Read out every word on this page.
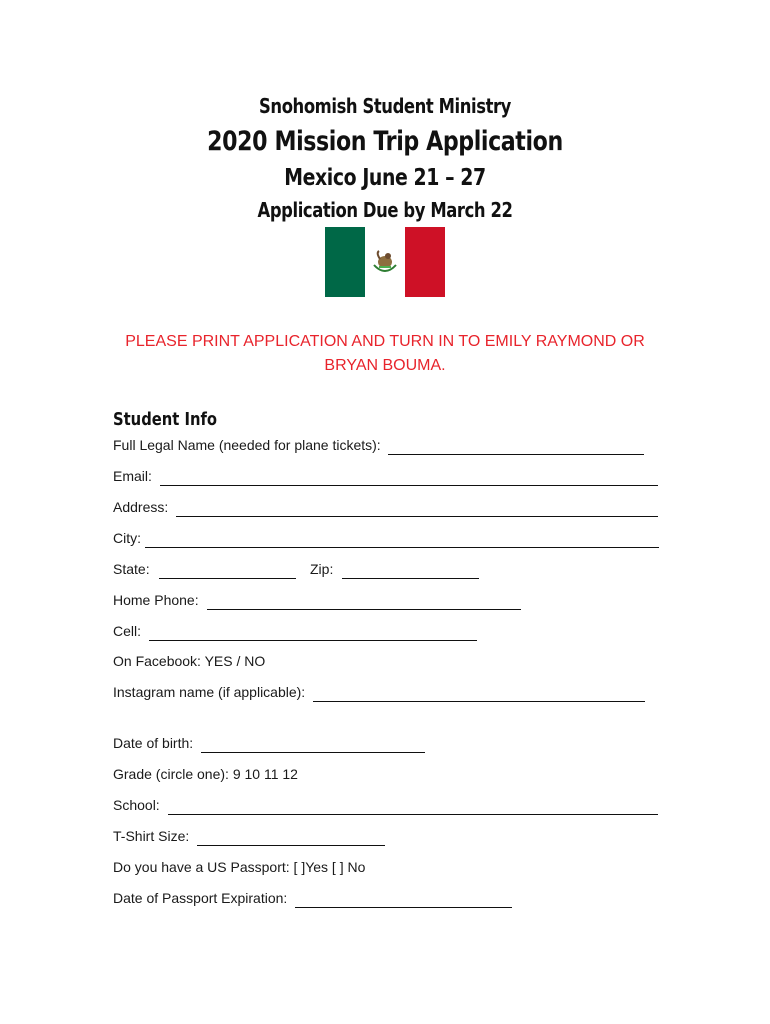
Snohomish Student Ministry
2020 Mission Trip Application
Mexico June 21 – 27
Application Due by March 22
PLEASE PRINT APPLICATION AND TURN IN TO EMILY RAYMOND OR
BRYAN BOUMA.
Student Info
Full Legal Name (needed for plane tickets):
Email:
Address:
City:
State:	Zip:
Home Phone:
Cell:
On Facebook: YES / NO
Instagram name (if applicable):
Date of birth:
Grade (circle one): 9 10 11 12
School:
T-Shirt Size:
Do you have a US Passport: [ ]Yes [ ] No
Date of Passport Expiration:
